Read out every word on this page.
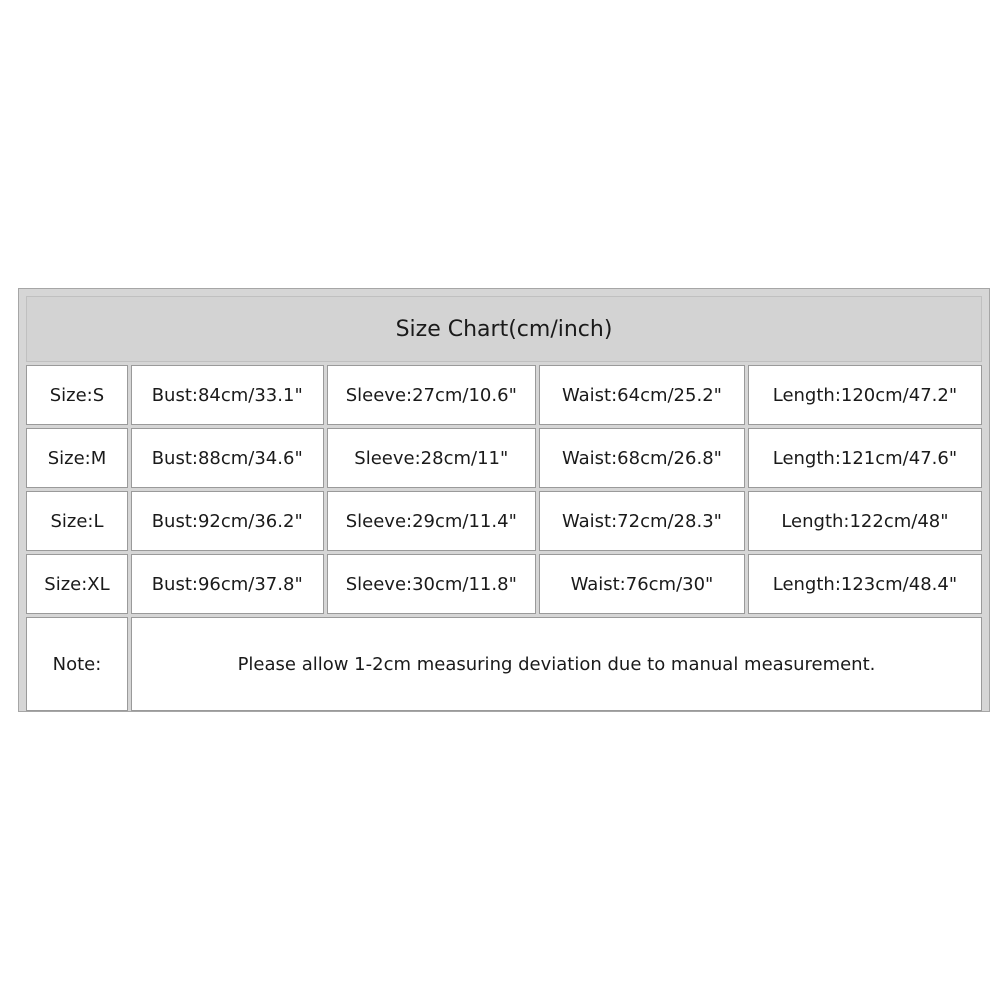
Size Chart(cm/inch)				
Size:S	Bust:84cm/33.1"	Sleeve:27cm/10.6"	Waist:64cm/25.2"	Length:120cm/47.2"
Size:M	Bust:88cm/34.6"	Sleeve:28cm/11"	Waist:68cm/26.8"	Length:121cm/47.6"
Size:L	Bust:92cm/36.2"	Sleeve:29cm/11.4"	Waist:72cm/28.3"	Length:122cm/48"
Size:XL	Bust:96cm/37.8"	Sleeve:30cm/11.8"	Waist:76cm/30"	Length:123cm/48.4"
Note:	Please allow 1-2cm measuring deviation due to manual measurement.			
